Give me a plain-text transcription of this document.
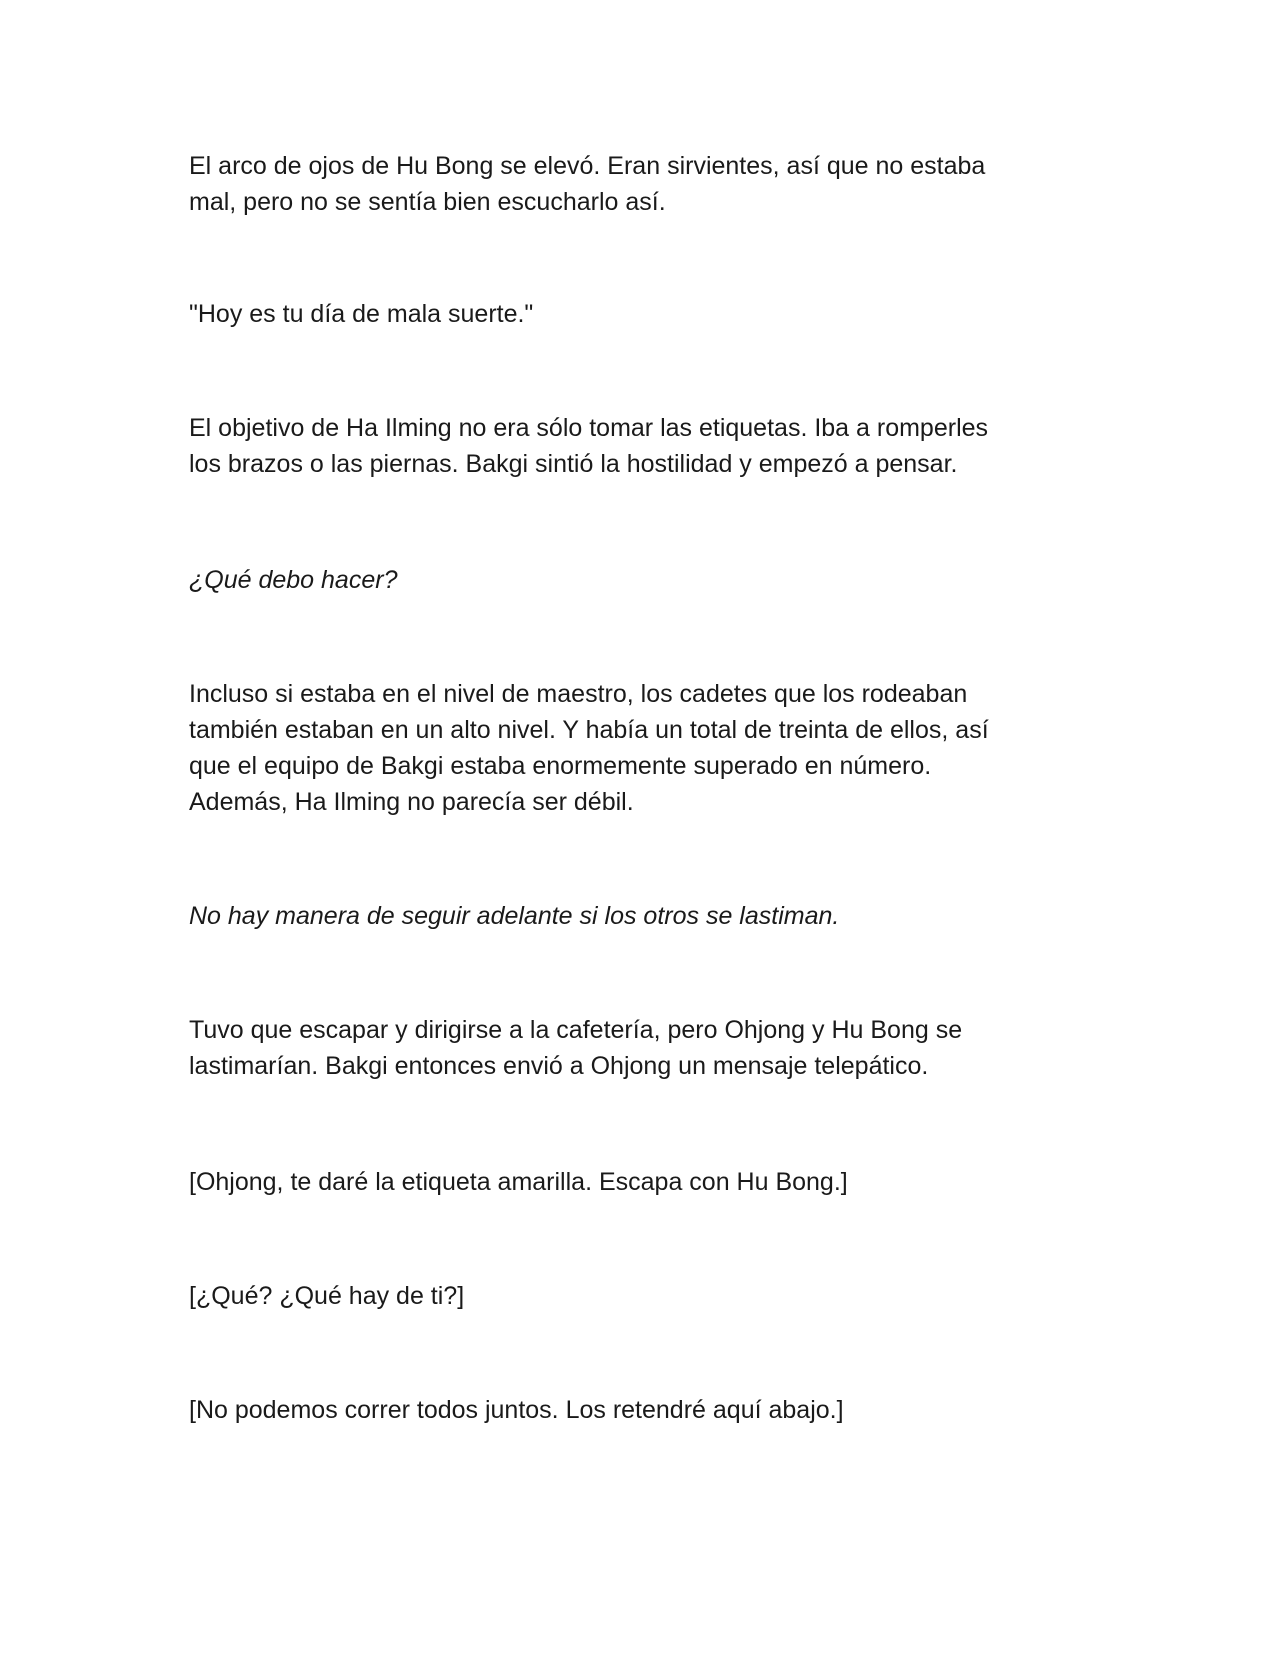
El arco de ojos de Hu Bong se elevó. Eran sirvientes, así que no estaba
mal, pero no se sentía bien escucharlo así.

"Hoy es tu día de mala suerte."

El objetivo de Ha Ilming no era sólo tomar las etiquetas. Iba a romperles
los brazos o las piernas. Bakgi sintió la hostilidad y empezó a pensar.

¿Qué debo hacer?

Incluso si estaba en el nivel de maestro, los cadetes que los rodeaban
también estaban en un alto nivel. Y había un total de treinta de ellos, así
que el equipo de Bakgi estaba enormemente superado en número.
Además, Ha Ilming no parecía ser débil.

No hay manera de seguir adelante si los otros se lastiman.

Tuvo que escapar y dirigirse a la cafetería, pero Ohjong y Hu Bong se
lastimarían. Bakgi entonces envió a Ohjong un mensaje telepático.

[Ohjong, te daré la etiqueta amarilla. Escapa con Hu Bong.]

[¿Qué? ¿Qué hay de ti?]

[No podemos correr todos juntos. Los retendré aquí abajo.]
